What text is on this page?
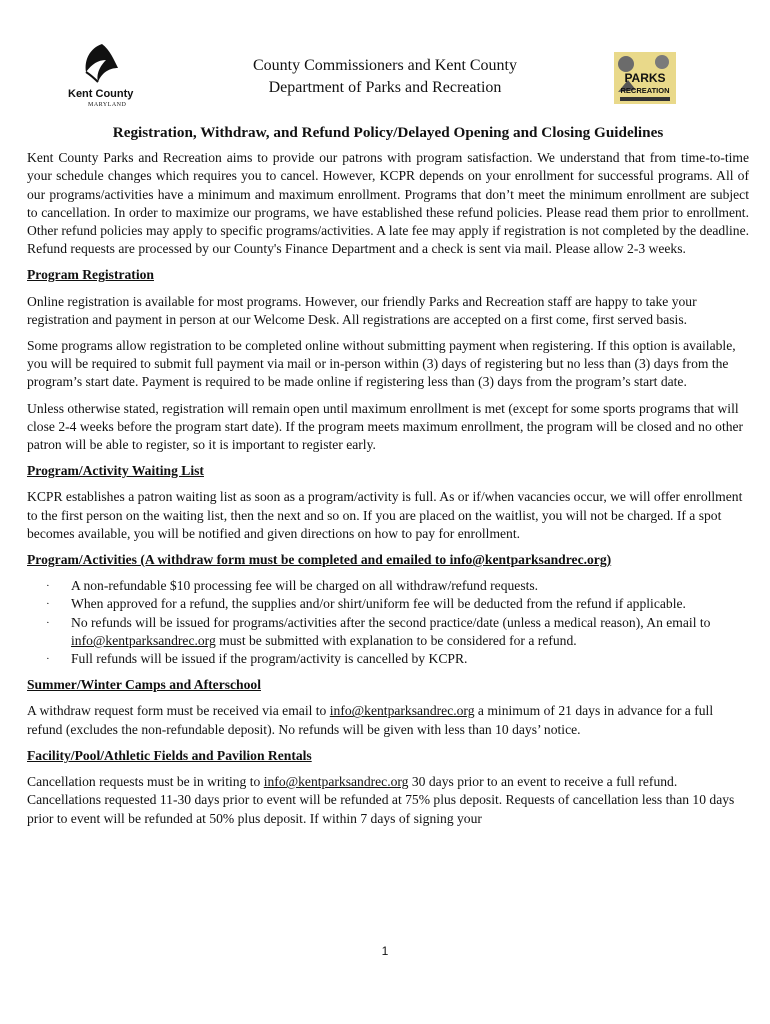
Kent County
MARYLAND
County Commissioners and Kent County
Department of Parks and Recreation
PARKS
RECREATION
Registration, Withdraw, and Refund Policy/Delayed Opening and Closing Guidelines

Kent County Parks and Recreation aims to provide our patrons with program satisfaction. We understand that from time-to-time your schedule changes which requires you to cancel. However, KCPR depends on your enrollment for successful programs. All of our programs/activities have a minimum and maximum enrollment. Programs that don’t meet the minimum enrollment are subject to cancellation. In order to maximize our programs, we have established these refund policies. Please read them prior to enrollment. Other refund policies may apply to specific programs/activities. A late fee may apply if registration is not completed by the deadline. Refund requests are processed by our County's Finance Department and a check is sent via mail. Please allow 2-3 weeks.

Program Registration

Online registration is available for most programs. However, our friendly Parks and Recreation staff are happy to take your registration and payment in person at our Welcome Desk. All registrations are accepted on a first come, first served basis.

Some programs allow registration to be completed online without submitting payment when registering. If this option is available, you will be required to submit full payment via mail or in-person within (3) days of registering but no less than (3) days from the program’s start date. Payment is required to be made online if registering less than (3) days from the program’s start date.

Unless otherwise stated, registration will remain open until maximum enrollment is met (except for some sports programs that will close 2-4 weeks before the program start date). If the program meets maximum enrollment, the program will be closed and no other patron will be able to register, so it is important to register early.

Program/Activity Waiting List

KCPR establishes a patron waiting list as soon as a program/activity is full. As or if/when vacancies occur, we will offer enrollment to the first person on the waiting list, then the next and so on. If you are placed on the waitlist, you will not be charged. If a spot becomes available, you will be notified and given directions on how to pay for enrollment.

Program/Activities (A withdraw form must be completed and emailed to info@kentparksandrec.org)
· A non-refundable $10 processing fee will be charged on all withdraw/refund requests.
· When approved for a refund, the supplies and/or shirt/uniform fee will be deducted from the refund if applicable.
· No refunds will be issued for programs/activities after the second practice/date (unless a medical reason), An email to info@kentparksandrec.org must be submitted with explanation to be considered for a refund.
· Full refunds will be issued if the program/activity is cancelled by KCPR.
Summer/Winter Camps and Afterschool

A withdraw request form must be received via email to info@kentparksandrec.org a minimum of 21 days in advance for a full refund (excludes the non-refundable deposit). No refunds will be given with less than 10 days’ notice.

Facility/Pool/Athletic Fields and Pavilion Rentals

Cancellation requests must be in writing to info@kentparksandrec.org 30 days prior to an event to receive a full refund. Cancellations requested 11-30 days prior to event will be refunded at 75% plus deposit. Requests of cancellation less than 10 days prior to event will be refunded at 50% plus deposit. If within 7 days of signing your

1
